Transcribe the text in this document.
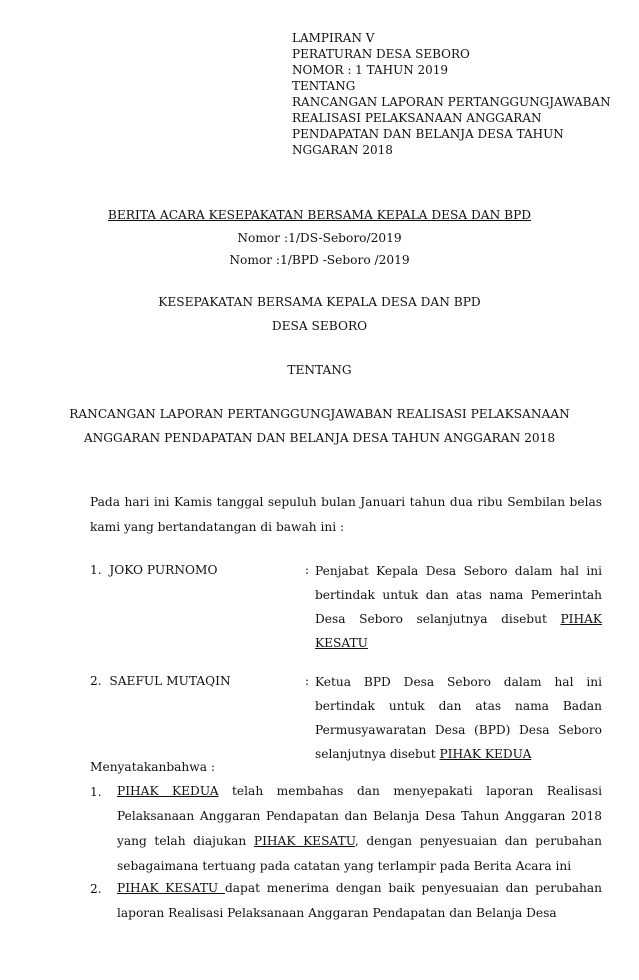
LAMPIRAN V
PERATURAN DESA SEBORO
NOMOR : 1 TAHUN 2019
TENTANG
RANCANGAN LAPORAN PERTANGGUNGJAWABAN
REALISASI PELAKSANAAN ANGGARAN
PENDAPATAN DAN BELANJA DESA TAHUN
NGGARAN 2018
BERITA ACARA KESEPAKATAN BERSAMA KEPALA DESA DAN BPD
Nomor :1/DS-Seboro/2019
Nomor :1/BPD -Seboro /2019
KESEPAKATAN BERSAMA KEPALA DESA DAN BPD
DESA SEBORO
TENTANG
RANCANGAN LAPORAN PERTANGGUNGJAWABAN REALISASI PELAKSANAAN
ANGGARAN PENDAPATAN DAN BELANJA DESA TAHUN ANGGARAN 2018
Pada hari ini Kamis tanggal sepuluh bulan Januari tahun dua ribu Sembilan belas kami yang bertandatangan di bawah ini :
1. JOKO PURNOMO	: Penjabat Kepala Desa Seboro dalam hal ini bertindak untuk dan atas nama Pemerintah Desa Seboro selanjutnya disebut PIHAK KESATU
2. SAEFUL MUTAQIN	: Ketua BPD Desa Seboro dalam hal ini bertindak untuk dan atas nama Badan Permusyawaratan Desa (BPD) Desa Seboro selanjutnya disebut PIHAK KEDUA
Menyatakanbahwa :
1. PIHAK KEDUA telah membahas dan menyepakati laporan Realisasi Pelaksanaan Anggaran Pendapatan dan Belanja Desa Tahun Anggaran 2018 yang telah diajukan PIHAK KESATU, dengan penyesuaian dan perubahan sebagaimana tertuang pada catatan yang terlampir pada Berita Acara ini
2. PIHAK KESATU dapat menerima dengan baik penyesuaian dan perubahan laporan Realisasi Pelaksanaan Anggaran Pendapatan dan Belanja Desa
